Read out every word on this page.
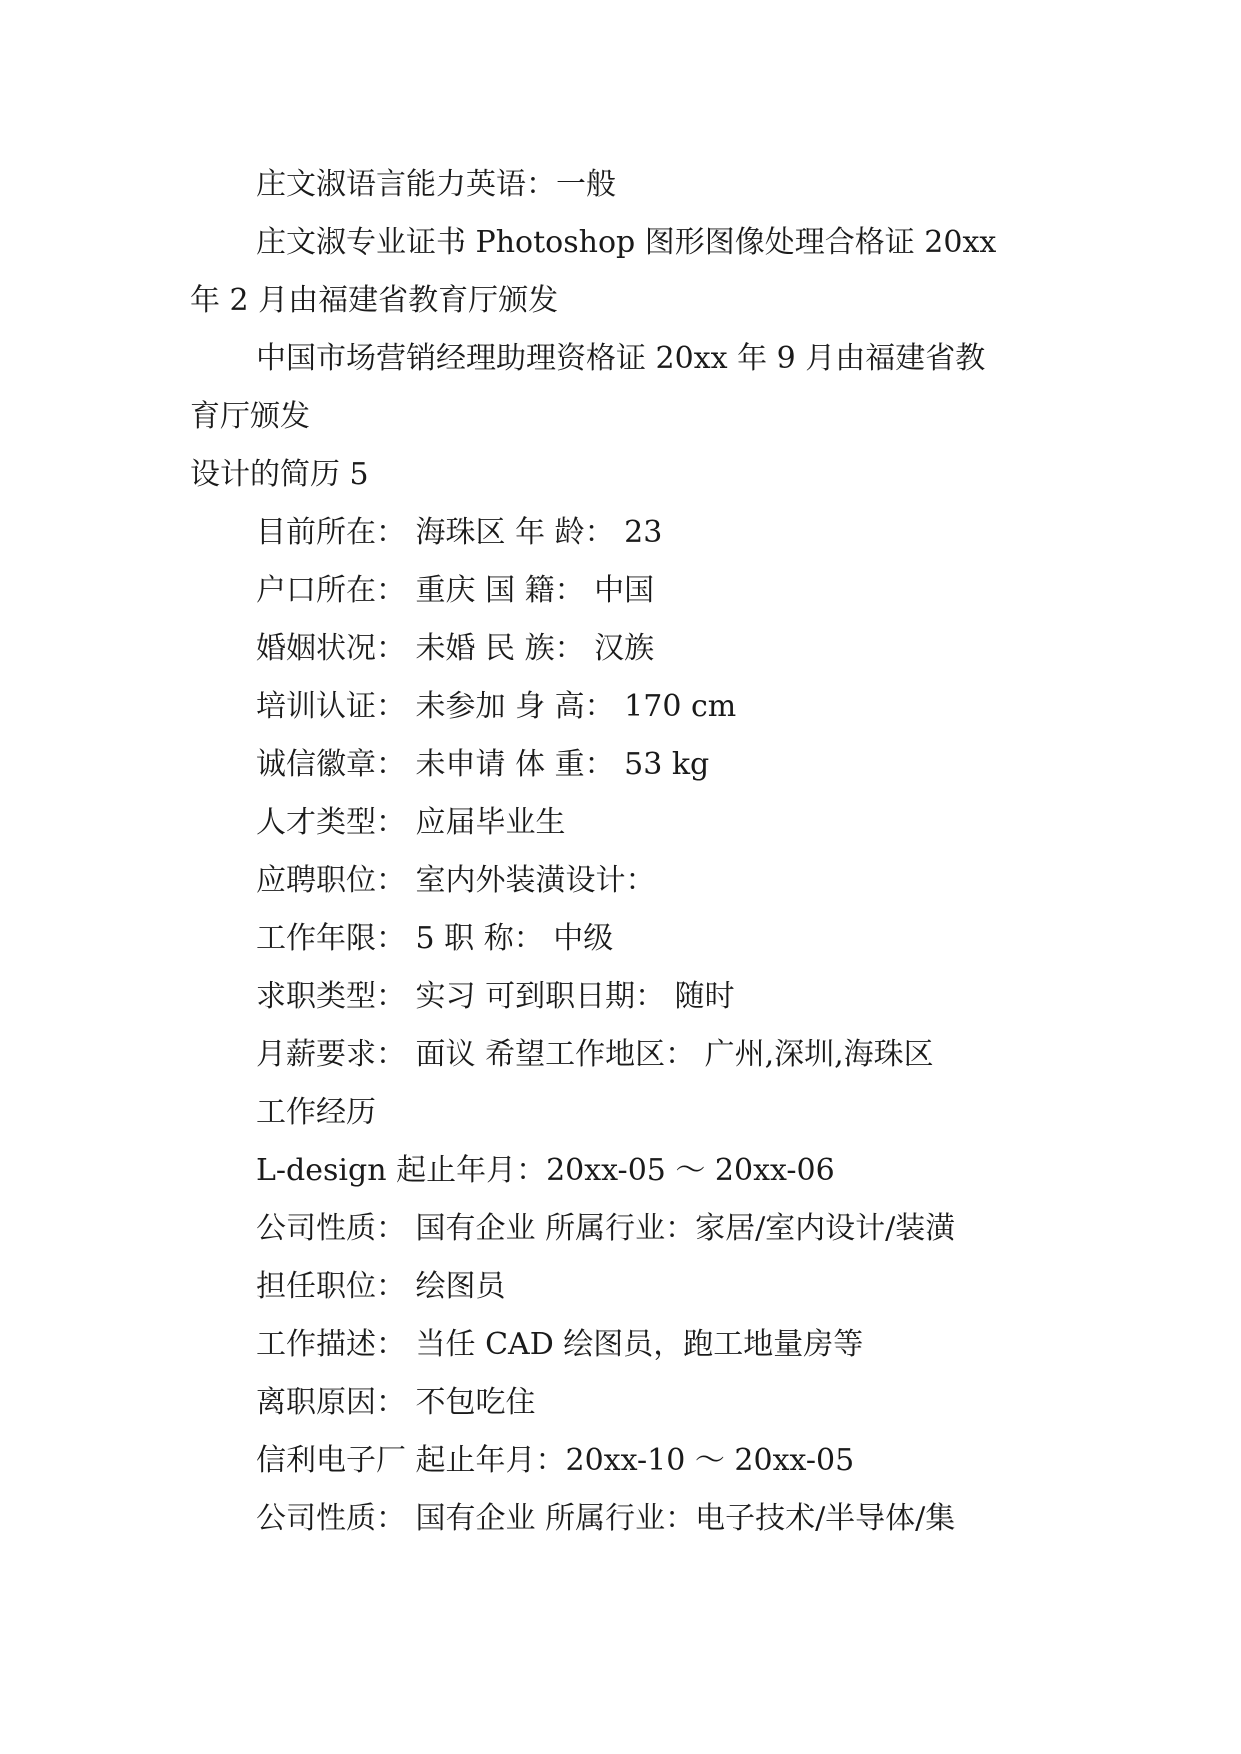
庄文淑语言能力英语：一般
庄文淑专业证书 Photoshop 图形图像处理合格证 20xx
年 2 月由福建省教育厅颁发
中国市场营销经理助理资格证 20xx 年 9 月由福建省教
育厅颁发
设计的简历 5
目前所在： 海珠区 年 龄： 23
户口所在： 重庆 国 籍： 中国
婚姻状况： 未婚 民 族： 汉族
培训认证： 未参加 身 高： 170 cm
诚信徽章： 未申请 体 重： 53 kg
人才类型： 应届毕业生
应聘职位： 室内外装潢设计：
工作年限： 5 职 称： 中级
求职类型： 实习 可到职日期： 随时
月薪要求： 面议 希望工作地区： 广州,深圳,海珠区
工作经历
L-design 起止年月：20xx-05 ～ 20xx-06
公司性质： 国有企业 所属行业：家居/室内设计/装潢
担任职位： 绘图员
工作描述： 当任 CAD 绘图员，跑工地量房等
离职原因： 不包吃住
信利电子厂 起止年月：20xx-10 ～ 20xx-05
公司性质： 国有企业 所属行业：电子技术/半导体/集
